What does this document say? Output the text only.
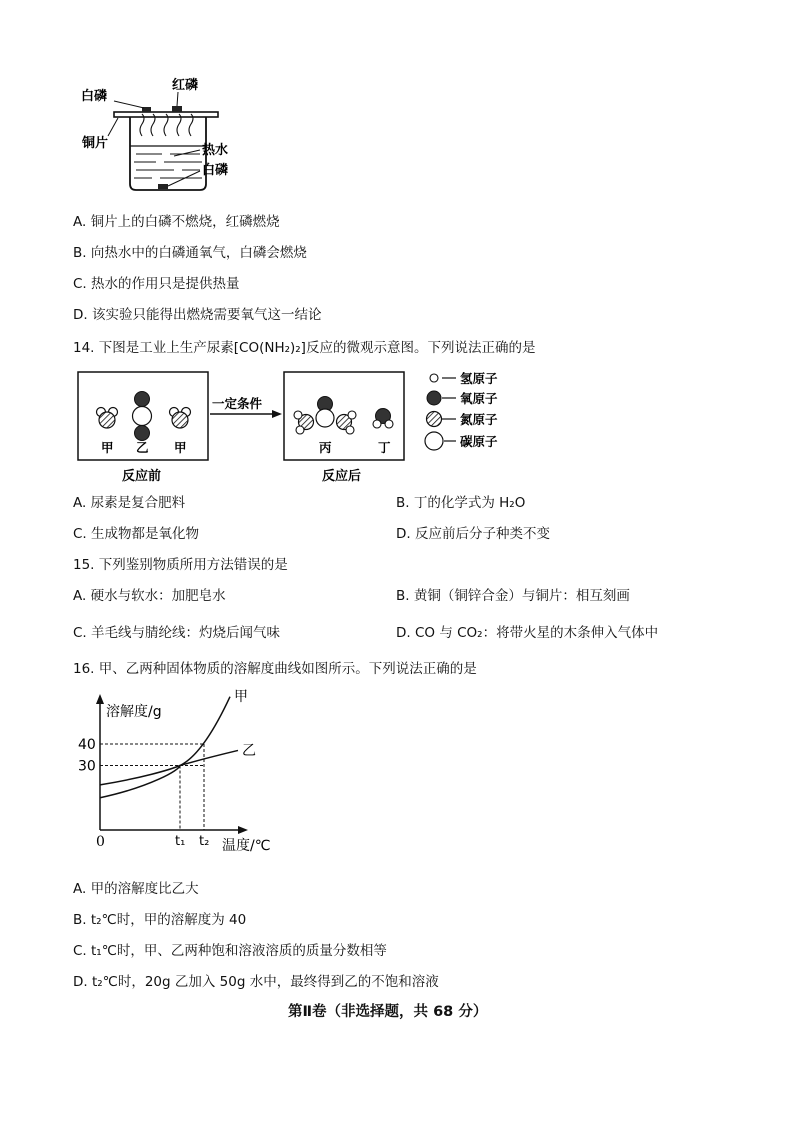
白磷
红磷
铜片	热水
白磷
A. 铜片上的白磷不燃烧，红磷燃烧
B. 向热水中的白磷通氧气，白磷会燃烧
C. 热水的作用只是提供热量
D. 该实验只能得出燃烧需要氧气这一结论
14. 下图是工业上生产尿素[CO(NH₂)₂]反应的微观示意图。下列说法正确的是
甲 乙 甲
反应前
一定条件
丙	丁
反应后
氢原子
氧原子
氮原子
碳原子
A. 尿素是复合肥料	B. 丁的化学式为 H₂O
C. 生成物都是氧化物	D. 反应前后分子种类不变
15. 下列鉴别物质所用方法错误的是
A. 硬水与软水：加肥皂水	B. 黄铜（铜锌合金）与铜片：相互刻画
C. 羊毛线与腈纶线：灼烧后闻气味	D. CO 与 CO₂：将带火星的木条伸入气体中
16. 甲、乙两种固体物质的溶解度曲线如图所示。下列说法正确的是
40
30
t₁ t₂
甲
乙
溶解度/g
温度/℃
0
A. 甲的溶解度比乙大
B. t₂℃时，甲的溶解度为 40
C. t₁℃时，甲、乙两种饱和溶液溶质的质量分数相等
D. t₂℃时，20g 乙加入 50g 水中，最终得到乙的不饱和溶液
第Ⅱ卷（非选择题，共 68 分）
